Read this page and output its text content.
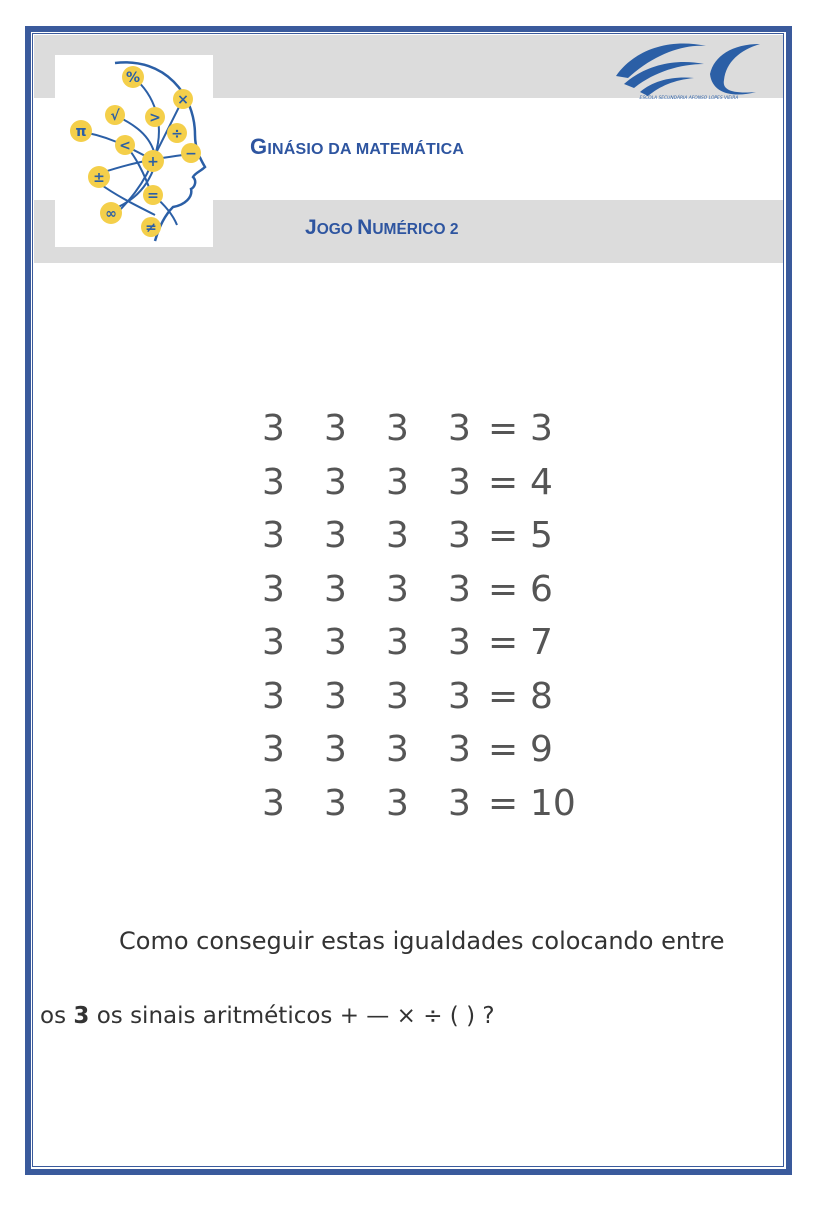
%
×
√ >
÷
π
<
+ −
±
=
∞
≠
GINÁSIO DA MATEMÁTICA
JOGO NUMÉRICO 2
ESCOLA SECUNDÁRIA AFONSO LOPES VIEIRA
3 3 3 3 = 3
3 3 3 3 = 4
3 3 3 3 = 5
3 3 3 3 = 6
3 3 3 3 = 7
3 3 3 3 = 8
3 3 3 3 = 9
3 3 3 3 = 10
Como conseguir estas igualdades colocando entre
os 3 os sinais aritméticos + — × ÷ ( ) ?
